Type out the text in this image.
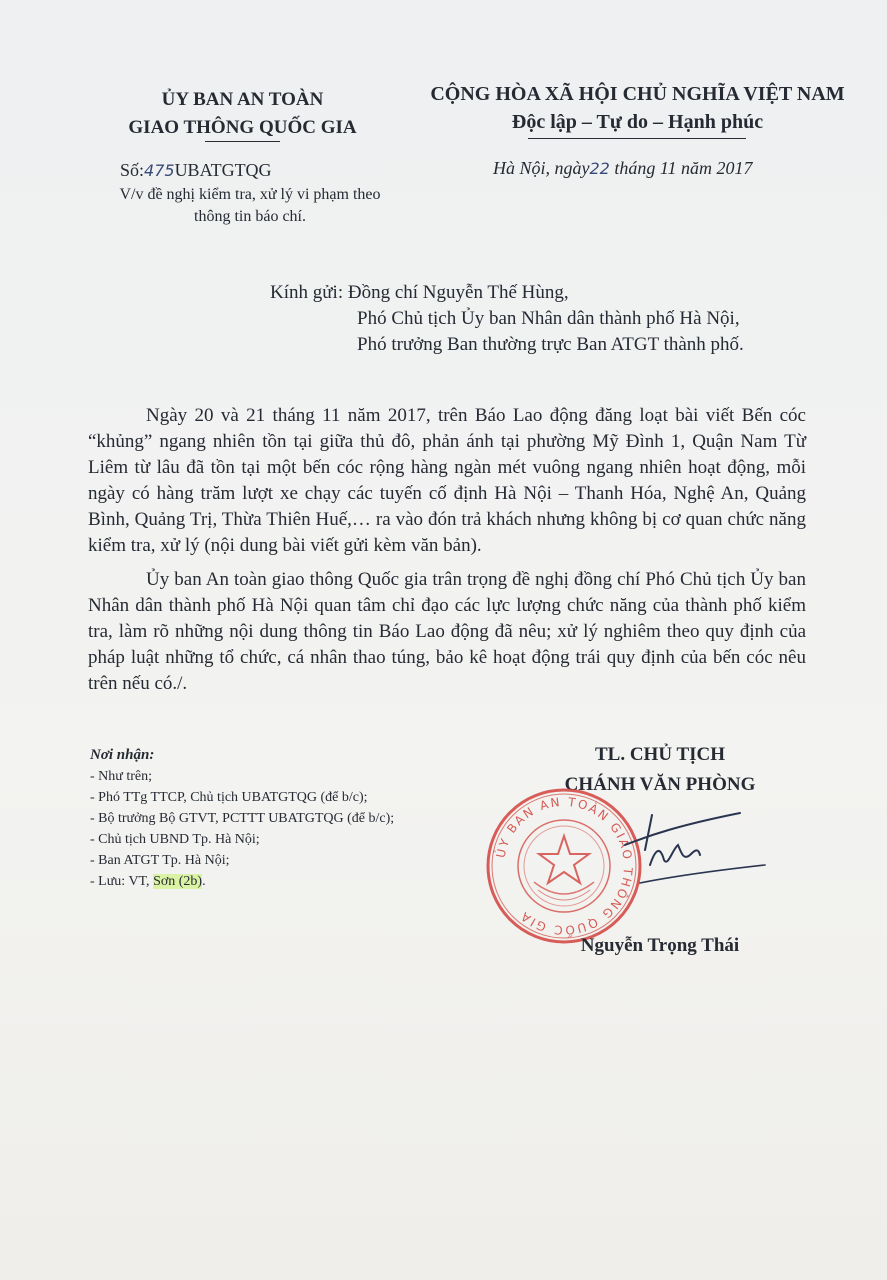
ỦY BAN AN TOÀN
GIAO THÔNG QUỐC GIA
CỘNG HÒA XÃ HỘI CHỦ NGHĨA VIỆT NAM
Độc lập – Tự do – Hạnh phúc
Số:475UBATGTQG
V/v đề nghị kiểm tra, xử lý vi phạm theo
thông tin báo chí.
Hà Nội, ngày22 tháng 11 năm 2017
Kính gửi: Đồng chí Nguyễn Thế Hùng,
Phó Chủ tịch Ủy ban Nhân dân thành phố Hà Nội,
Phó trưởng Ban thường trực Ban ATGT thành phố.

Ngày 20 và 21 tháng 11 năm 2017, trên Báo Lao động đăng loạt bài viết Bến cóc “khủng” ngang nhiên tồn tại giữa thủ đô, phản ánh tại phường Mỹ Đình 1, Quận Nam Từ Liêm từ lâu đã tồn tại một bến cóc rộng hàng ngàn mét vuông ngang nhiên hoạt động, mỗi ngày có hàng trăm lượt xe chạy các tuyến cố định Hà Nội – Thanh Hóa, Nghệ An, Quảng Bình, Quảng Trị, Thừa Thiên Huế,… ra vào đón trả khách nhưng không bị cơ quan chức năng kiểm tra, xử lý (nội dung bài viết gửi kèm văn bản).

Ủy ban An toàn giao thông Quốc gia trân trọng đề nghị đồng chí Phó Chủ tịch Ủy ban Nhân dân thành phố Hà Nội quan tâm chỉ đạo các lực lượng chức năng của thành phố kiểm tra, làm rõ những nội dung thông tin Báo Lao động đã nêu; xử lý nghiêm theo quy định của pháp luật những tổ chức, cá nhân thao túng, bảo kê hoạt động trái quy định của bến cóc nêu trên nếu có./.

Nơi nhận:
- Như trên;
- Phó TTg TTCP, Chủ tịch UBATGTQG (để b/c);
- Bộ trưởng Bộ GTVT, PCTTT UBATGTQG (để b/c);
- Chủ tịch UBND Tp. Hà Nội;
- Ban ATGT Tp. Hà Nội;
- Lưu: VT, Sơn (2b).
TL. CHỦ TỊCH
CHÁNH VĂN PHÒNG
ỦY BAN AN TOÀN GIAO THÔNG QUỐC GIA
Nguyễn Trọng Thái
